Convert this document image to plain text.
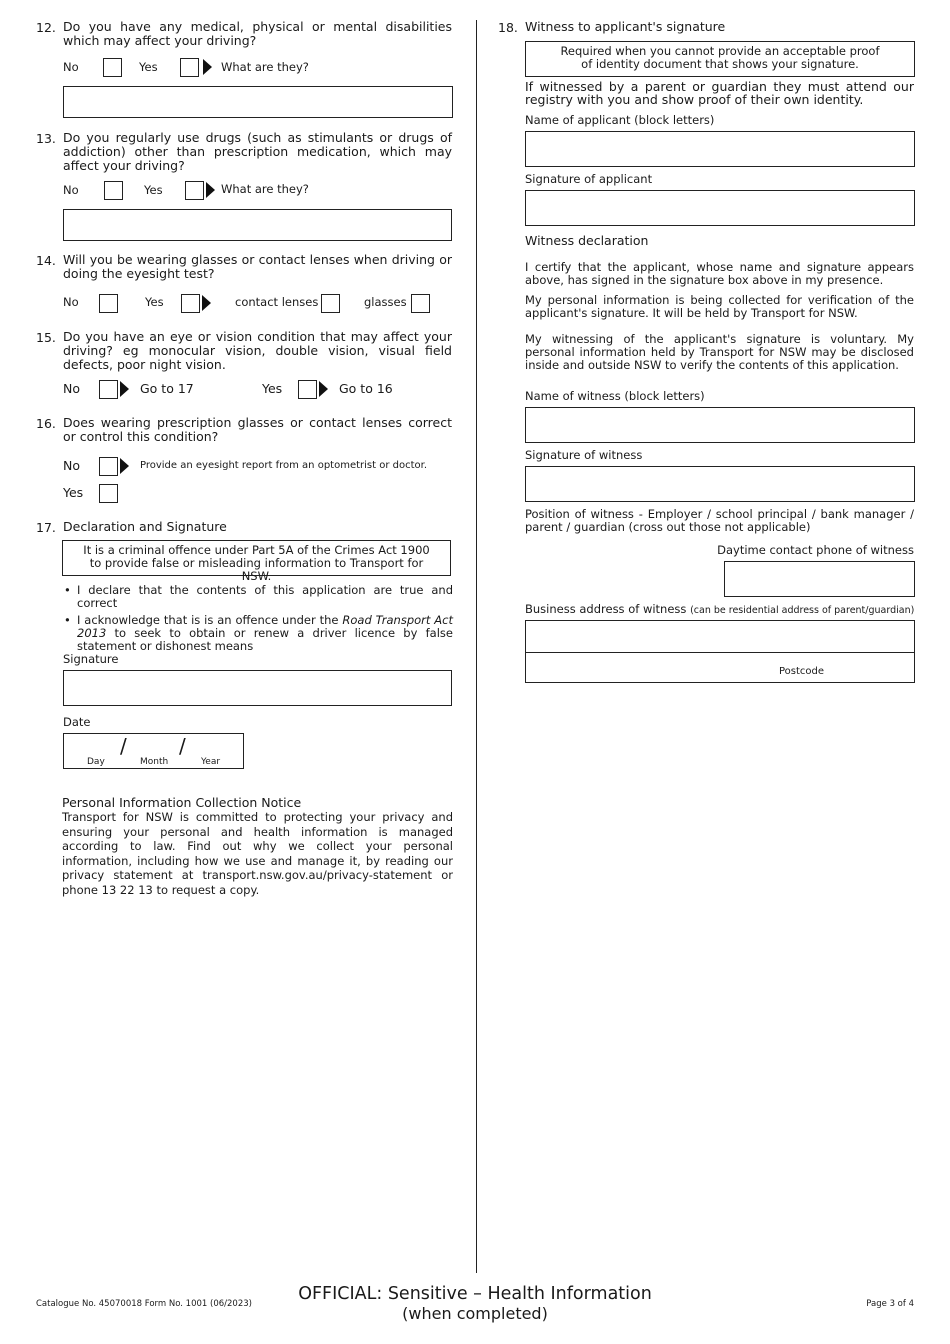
12. Do you have any medical, physical or mental disabilities which may affect your driving?
No	Yes	What are they?
13. Do you regularly use drugs (such as stimulants or drugs of addiction) other than prescription medication, which may affect your driving?
No	Yes	What are they?
14. Will you be wearing glasses or contact lenses when driving or doing the eyesight test?
No	Yes	contact lenses	glasses
15. Do you have an eye or vision condition that may affect your driving? eg monocular vision, double vision, visual field defects, poor night vision.
No	Go to 17	Yes	Go to 16
16. Does wearing prescription glasses or contact lenses correct or control this condition?
No	Provide an eyesight report from an optometrist or doctor.
Yes
17. Declaration and Signature
It is a criminal offence under Part 5A of the Crimes Act 1900 to provide false or misleading information to Transport for NSW.
• I declare that the contents of this application are true and correct
• I acknowledge that is is an offence under the Road Transport Act 2013 to seek to obtain or renew a driver licence by false statement or dishonest means
Signature
Date
/	/
Day	Month	Year
Personal Information Collection Notice
Transport for NSW is committed to protecting your privacy and ensuring your personal and health information is managed according to law. Find out why we collect your personal information, including how we use and manage it, by reading our privacy statement at transport.nsw.gov.au/privacy-statement or phone 13 22 13 to request a copy.
18. Witness to applicant's signature
Required when you cannot provide an acceptable proof of identity document that shows your signature.
If witnessed by a parent or guardian they must attend our registry with you and show proof of their own identity.
Name of applicant (block letters)
Signature of applicant
Witness declaration
I certify that the applicant, whose name and signature appears above, has signed in the signature box above in my presence.
My personal information is being collected for verification of the applicant's signature. It will be held by Transport for NSW.
My witnessing of the applicant's signature is voluntary. My personal information held by Transport for NSW may be disclosed inside and outside NSW to verify the contents of this application.
Name of witness (block letters)
Signature of witness
Position of witness - Employer / school principal / bank manager / parent / guardian (cross out those not applicable)
Daytime contact phone of witness
Business address of witness (can be residential address of parent/guardian)
Postcode
Catalogue No. 45070018 Form No. 1001 (06/2023)	OFFICIAL: Sensitive – Health Information
(when completed)	Page 3 of 4
